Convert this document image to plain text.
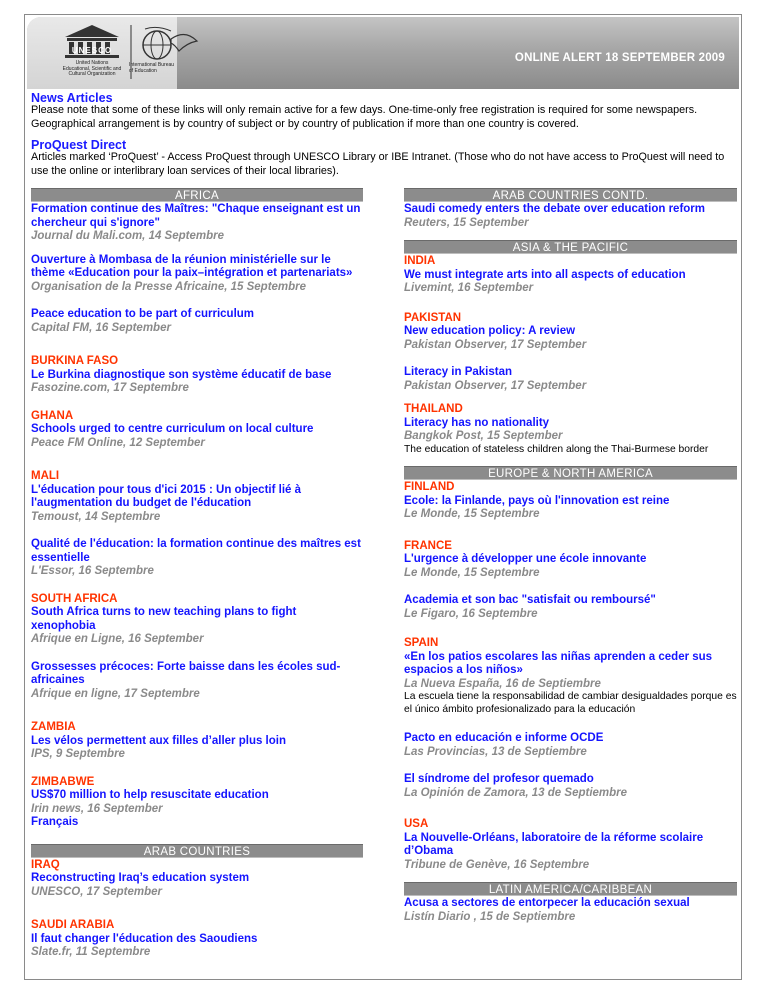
UNESCO
United Nations
Educational, Scientific and
Cultural Organization
International Bureau
of Education
ONLINE ALERT 18 SEPTEMBER 2009
News Articles
Please note that some of these links will only remain active for a few days. One-time-only free registration is required for some newspapers. Geographical arrangement is by country of subject or by country of publication if more than one country is covered.
ProQuest Direct
Articles marked ‘ProQuest’ - Access ProQuest through UNESCO Library or IBE Intranet. (Those who do not have access to ProQuest will need to use the online or interlibrary loan services of their local libraries).
AFRICA
Formation continue des Maîtres: "Chaque enseignant est un chercheur qui s'ignore"
Journal du Mali.com, 14 Septembre
Ouverture à Mombasa de la réunion ministérielle sur le thème «Education pour la paix–intégration et partenariats»
Organisation de la Presse Africaine, 15 Septembre
Peace education to be part of curriculum
Capital FM, 16 September
BURKINA FASO
Le Burkina diagnostique son système éducatif de base
Fasozine.com, 17 Septembre
GHANA
Schools urged to centre curriculum on local culture
Peace FM Online, 12 September
MALI
L'éducation pour tous d'ici 2015 : Un objectif lié à l'augmentation du budget de l'éducation
Temoust, 14 Septembre
Qualité de l'éducation: la formation continue des maîtres est essentielle
L'Essor, 16 Septembre
SOUTH AFRICA
South Africa turns to new teaching plans to fight xenophobia
Afrique en Ligne, 16 September
Grossesses précoces: Forte baisse dans les écoles sud-africaines
Afrique en ligne, 17 Septembre
ZAMBIA
Les vélos permettent aux filles d’aller plus loin
IPS, 9 Septembre
ZIMBABWE
US$70 million to help resuscitate education
Irin news, 16 September
Français
ARAB COUNTRIES
IRAQ
Reconstructing Iraq’s education system
UNESCO, 17 September
SAUDI ARABIA
Il faut changer l'éducation des Saoudiens
Slate.fr, 11 Septembre
ARAB COUNTRIES CONTD.
Saudi comedy enters the debate over education reform
Reuters, 15 September
ASIA & THE PACIFIC
INDIA
We must integrate arts into all aspects of education
Livemint, 16 September
PAKISTAN
New education policy: A review
Pakistan Observer, 17 September
Literacy in Pakistan
Pakistan Observer, 17 September
THAILAND
Literacy has no nationality
Bangkok Post, 15 September
The education of stateless children along the Thai-Burmese border
EUROPE & NORTH AMERICA
FINLAND
Ecole: la Finlande, pays où l'innovation est reine
Le Monde, 15 Septembre
FRANCE
L'urgence à développer une école innovante
Le Monde, 15 Septembre
Academia et son bac "satisfait ou remboursé"
Le Figaro, 16 Septembre
SPAIN
«En los patios escolares las niñas aprenden a ceder sus espacios a los niños»
La Nueva España, 16 de Septiembre
La escuela tiene la responsabilidad de cambiar desigualdades porque es el único ámbito profesionalizado para la educación
Pacto en educación e informe OCDE
Las Provincias, 13 de Septiembre
El síndrome del profesor quemado
La Opinión de Zamora, 13 de Septiembre
USA
La Nouvelle-Orléans, laboratoire de la réforme scolaire d’Obama
Tribune de Genève, 16 Septembre
LATIN AMERICA/CARIBBEAN
Acusa a sectores de entorpecer la educación sexual
Listín Diario , 15 de Septiembre
